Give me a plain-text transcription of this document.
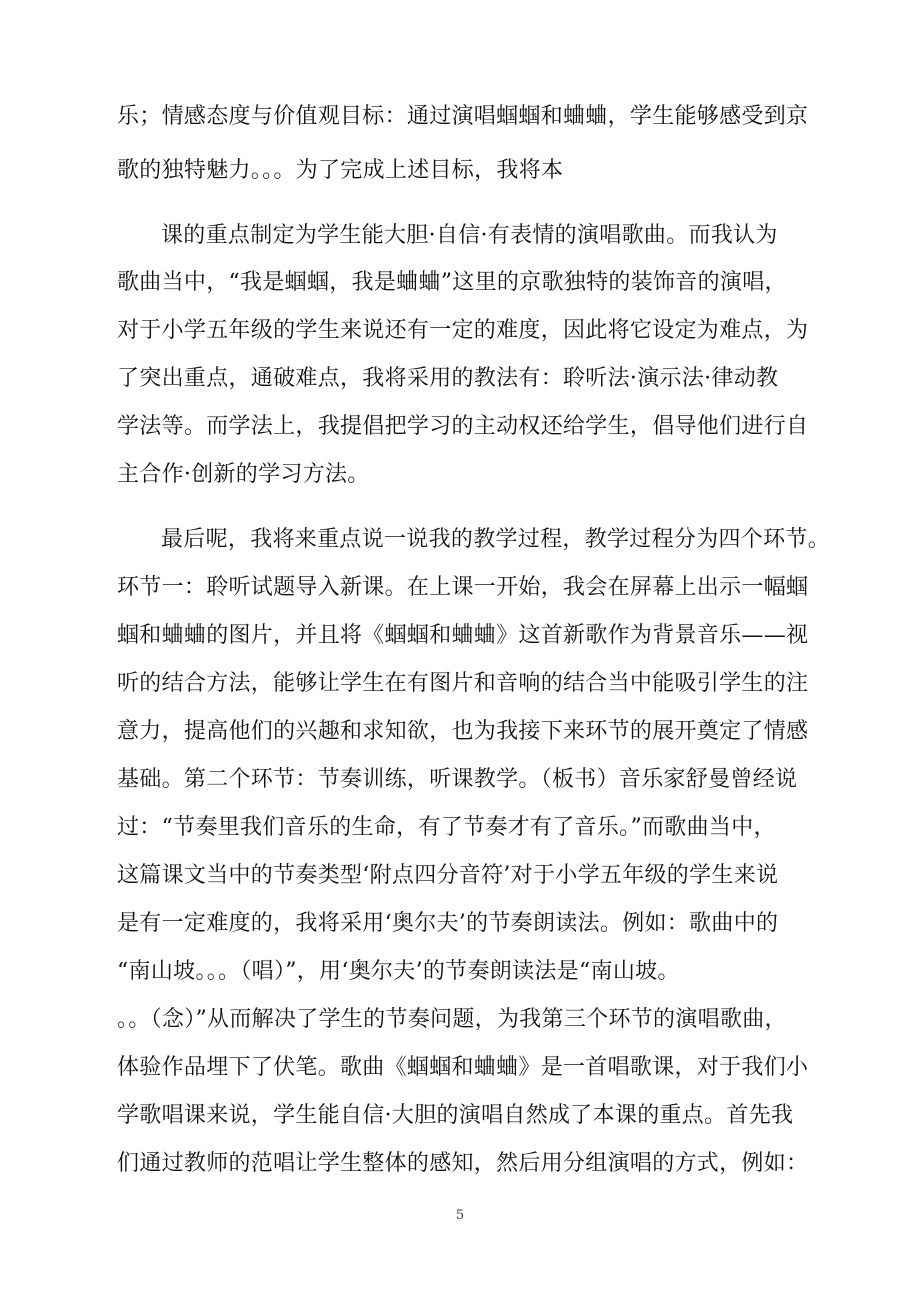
乐；情感态度与价值观目标：通过演唱蝈蝈和蛐蛐，学生能够感受到京
歌的独特魅力。。。为了完成上述目标，我将本
课的重点制定为学生能大胆·自信·有表情的演唱歌曲。而我认为
歌曲当中，“我是蝈蝈，我是蛐蛐”这里的京歌独特的装饰音的演唱，
对于小学五年级的学生来说还有一定的难度，因此将它设定为难点，为
了突出重点，通破难点，我将采用的教法有：聆听法·演示法·律动教
学法等。而学法上，我提倡把学习的主动权还给学生，倡导他们进行自
主合作·创新的学习方法。
最后呢，我将来重点说一说我的教学过程，教学过程分为四个环节。
环节一：聆听试题导入新课。在上课一开始，我会在屏幕上出示一幅蝈
蝈和蛐蛐的图片，并且将《蝈蝈和蛐蛐》这首新歌作为背景音乐——视
听的结合方法，能够让学生在有图片和音响的结合当中能吸引学生的注
意力，提高他们的兴趣和求知欲，也为我接下来环节的展开奠定了情感
基础。第二个环节：节奏训练，听课教学。（板书）音乐家舒曼曾经说
过：“节奏里我们音乐的生命，有了节奏才有了音乐。”而歌曲当中，
这篇课文当中的节奏类型‘附点四分音符’对于小学五年级的学生来说
是有一定难度的，我将采用‘奥尔夫’的节奏朗读法。例如：歌曲中的
“南山坡。。。（唱）”，用‘奥尔夫’的节奏朗读法是“南山坡。
。。（念）”从而解决了学生的节奏问题，为我第三个环节的演唱歌曲，
体验作品埋下了伏笔。歌曲《蝈蝈和蛐蛐》是一首唱歌课，对于我们小
学歌唱课来说，学生能自信·大胆的演唱自然成了本课的重点。首先我
们通过教师的范唱让学生整体的感知，然后用分组演唱的方式，例如：
5
